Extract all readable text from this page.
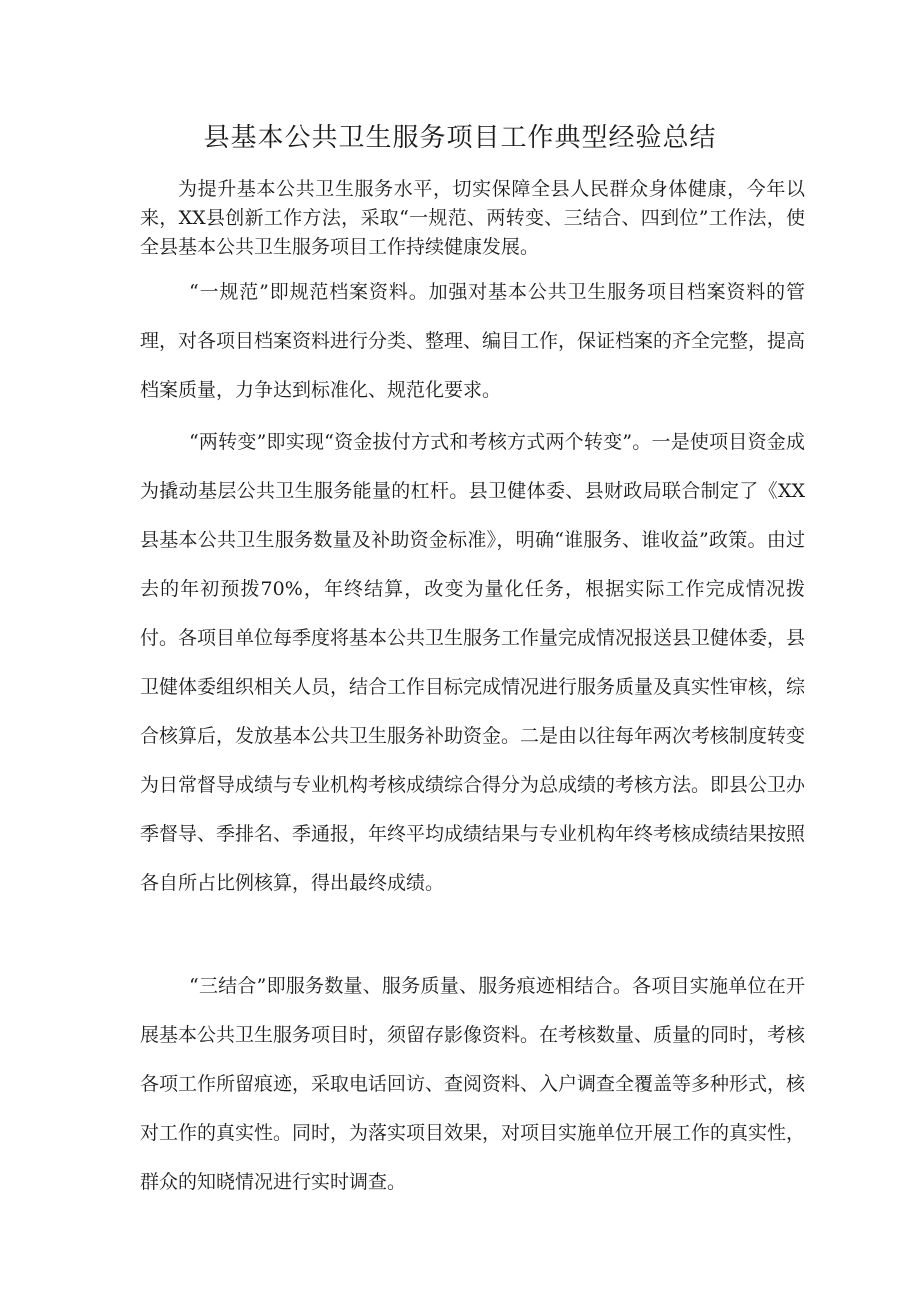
县基本公共卫生服务项目工作典型经验总结

为提升基本公共卫生服务水平，切实保障全县人民群众身体健康，今年以来，XX县创新工作方法，采取“一规范、两转变、三结合、四到位”工作法，使全县基本公共卫生服务项目工作持续健康发展。

“一规范”即规范档案资料。加强对基本公共卫生服务项目档案资料的管理，对各项目档案资料进行分类、整理、编目工作，保证档案的齐全完整，提高档案质量，力争达到标准化、规范化要求。

“两转变”即实现“资金拔付方式和考核方式两个转变”。一是使项目资金成为撬动基层公共卫生服务能量的杠杆。县卫健体委、县财政局联合制定了《XX县基本公共卫生服务数量及补助资金标准》，明确“谁服务、谁收益”政策。由过去的年初预拨70%，年终结算，改变为量化任务，根据实际工作完成情况拨付。各项目单位每季度将基本公共卫生服务工作量完成情况报送县卫健体委，县卫健体委组织相关人员，结合工作目标完成情况进行服务质量及真实性审核，综合核算后，发放基本公共卫生服务补助资金。二是由以往每年两次考核制度转变为日常督导成绩与专业机构考核成绩综合得分为总成绩的考核方法。即县公卫办季督导、季排名、季通报，年终平均成绩结果与专业机构年终考核成绩结果按照各自所占比例核算，得出最终成绩。

“三结合”即服务数量、服务质量、服务痕迹相结合。各项目实施单位在开展基本公共卫生服务项目时，须留存影像资料。在考核数量、质量的同时，考核各项工作所留痕迹，采取电话回访、查阅资料、入户调查全覆盖等多种形式，核对工作的真实性。同时，为落实项目效果，对项目实施单位开展工作的真实性，群众的知晓情况进行实时调查。
